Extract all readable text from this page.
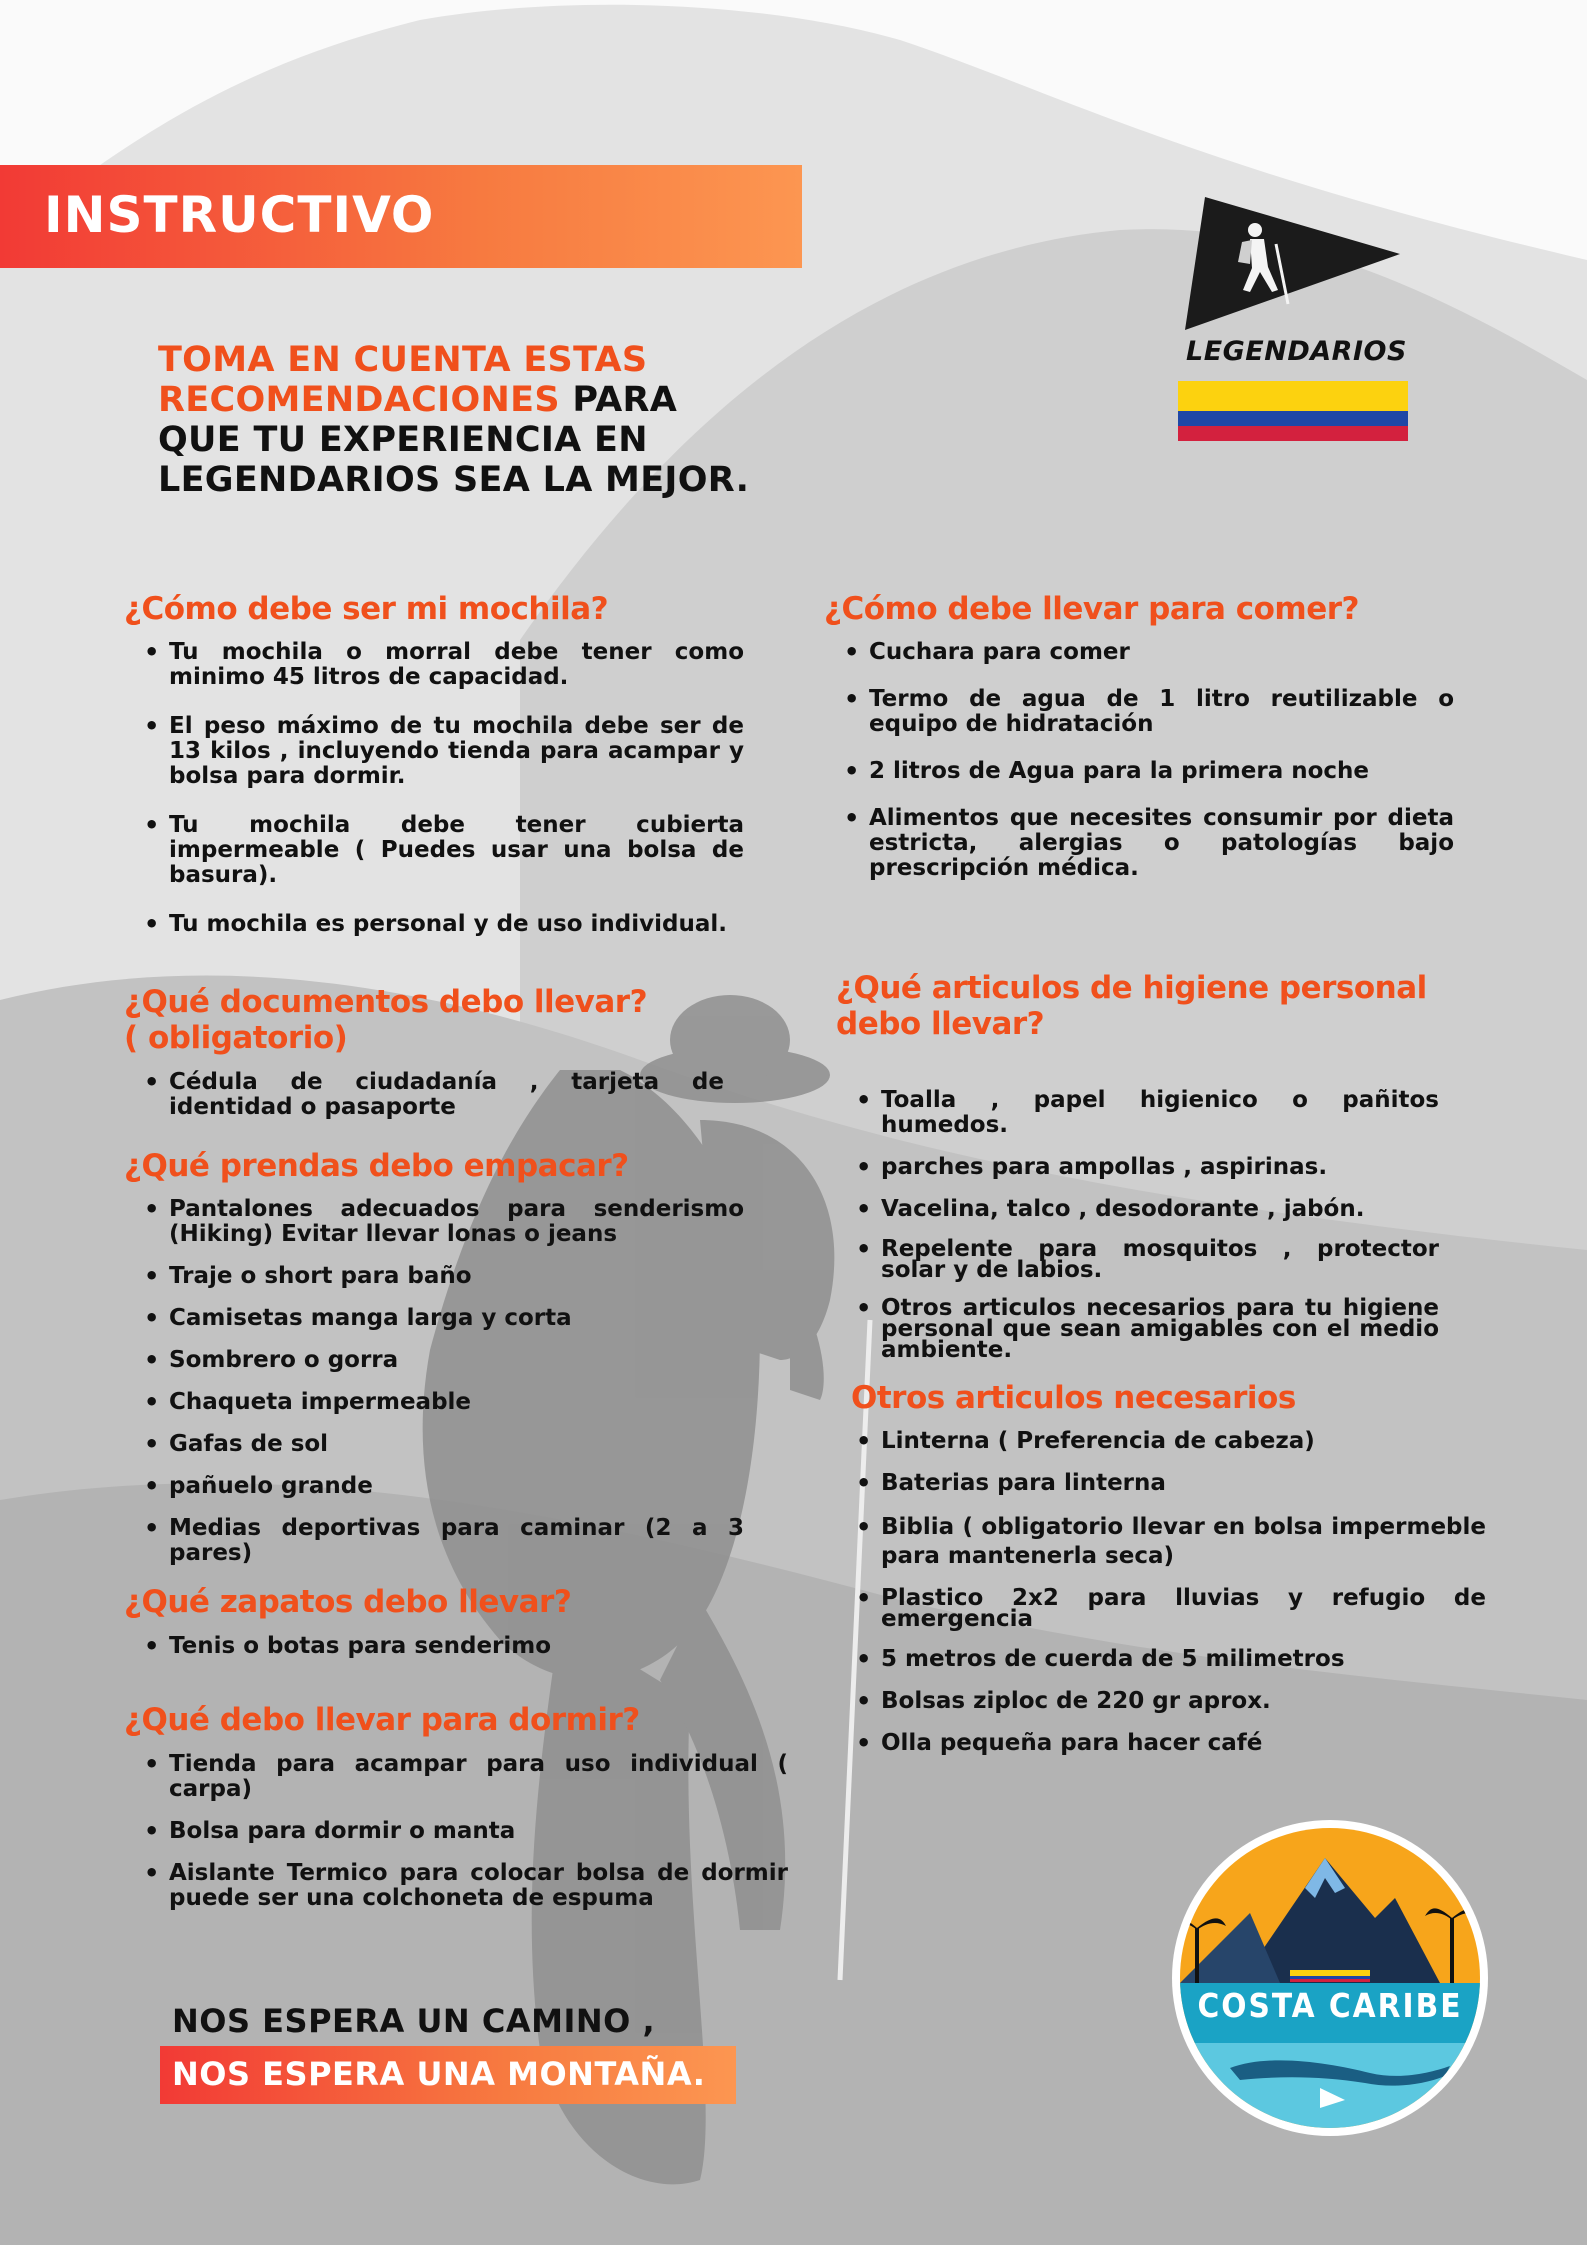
INSTRUCTIVO
TOMA EN CUENTA ESTAS
RECOMENDACIONES PARA
QUE TU EXPERIENCIA EN
LEGENDARIOS SEA LA MEJOR.
LEGENDARIOS
¿Cómo debe ser mi mochila?
• Tu mochila o morral debe tener como minimo 45 litros de capacidad.
• El peso máximo de tu mochila debe ser de 13 kilos , incluyendo tienda para acampar y bolsa para dormir.
• Tu mochila debe tener cubierta impermeable ( Puedes usar una bolsa de basura).
• Tu mochila es personal y de uso individual.
¿Qué documentos debo llevar? ( obligatorio)
• Cédula de ciudadanía , tarjeta de identidad o pasaporte
¿Qué prendas debo empacar?
• Pantalones adecuados para senderismo (Hiking) Evitar llevar lonas o jeans
• Traje o short para baño
• Camisetas manga larga y corta
• Sombrero o gorra
• Chaqueta impermeable
• Gafas de sol
• pañuelo grande
• Medias deportivas para caminar (2 a 3 pares)
¿Qué zapatos debo llevar?
• Tenis o botas para senderimo
¿Qué debo llevar para dormir?
• Tienda para acampar para uso individual ( carpa)
• Bolsa para dormir o manta
• Aislante Termico para colocar bolsa de dormir puede ser una colchoneta de espuma
¿Cómo debe llevar para comer?
• Cuchara para comer
• Termo de agua de 1 litro reutilizable o equipo de hidratación
• 2 litros de Agua para la primera noche
• Alimentos que necesites consumir por dieta estricta, alergias o patologías bajo prescripción médica.
¿Qué articulos de higiene personal debo llevar?
• Toalla , papel higienico o pañitos humedos.
• parches para ampollas , aspirinas.
• Vacelina, talco , desodorante , jabón.
• Repelente para mosquitos , protector solar y de labios.
• Otros articulos necesarios para tu higiene personal que sean amigables con el medio ambiente.
Otros articulos necesarios
• Linterna ( Preferencia de cabeza)
• Baterias para linterna
• Biblia ( obligatorio llevar en bolsa impermeble para mantenerla seca)
• Plastico 2x2 para lluvias y refugio de emergencia
• 5 metros de cuerda de 5 milimetros
• Bolsas ziploc de 220 gr aprox.
• Olla pequeña para hacer café
NOS ESPERA UN CAMINO ,
NOS ESPERA UNA MONTAÑA.
COSTA CARIBE
